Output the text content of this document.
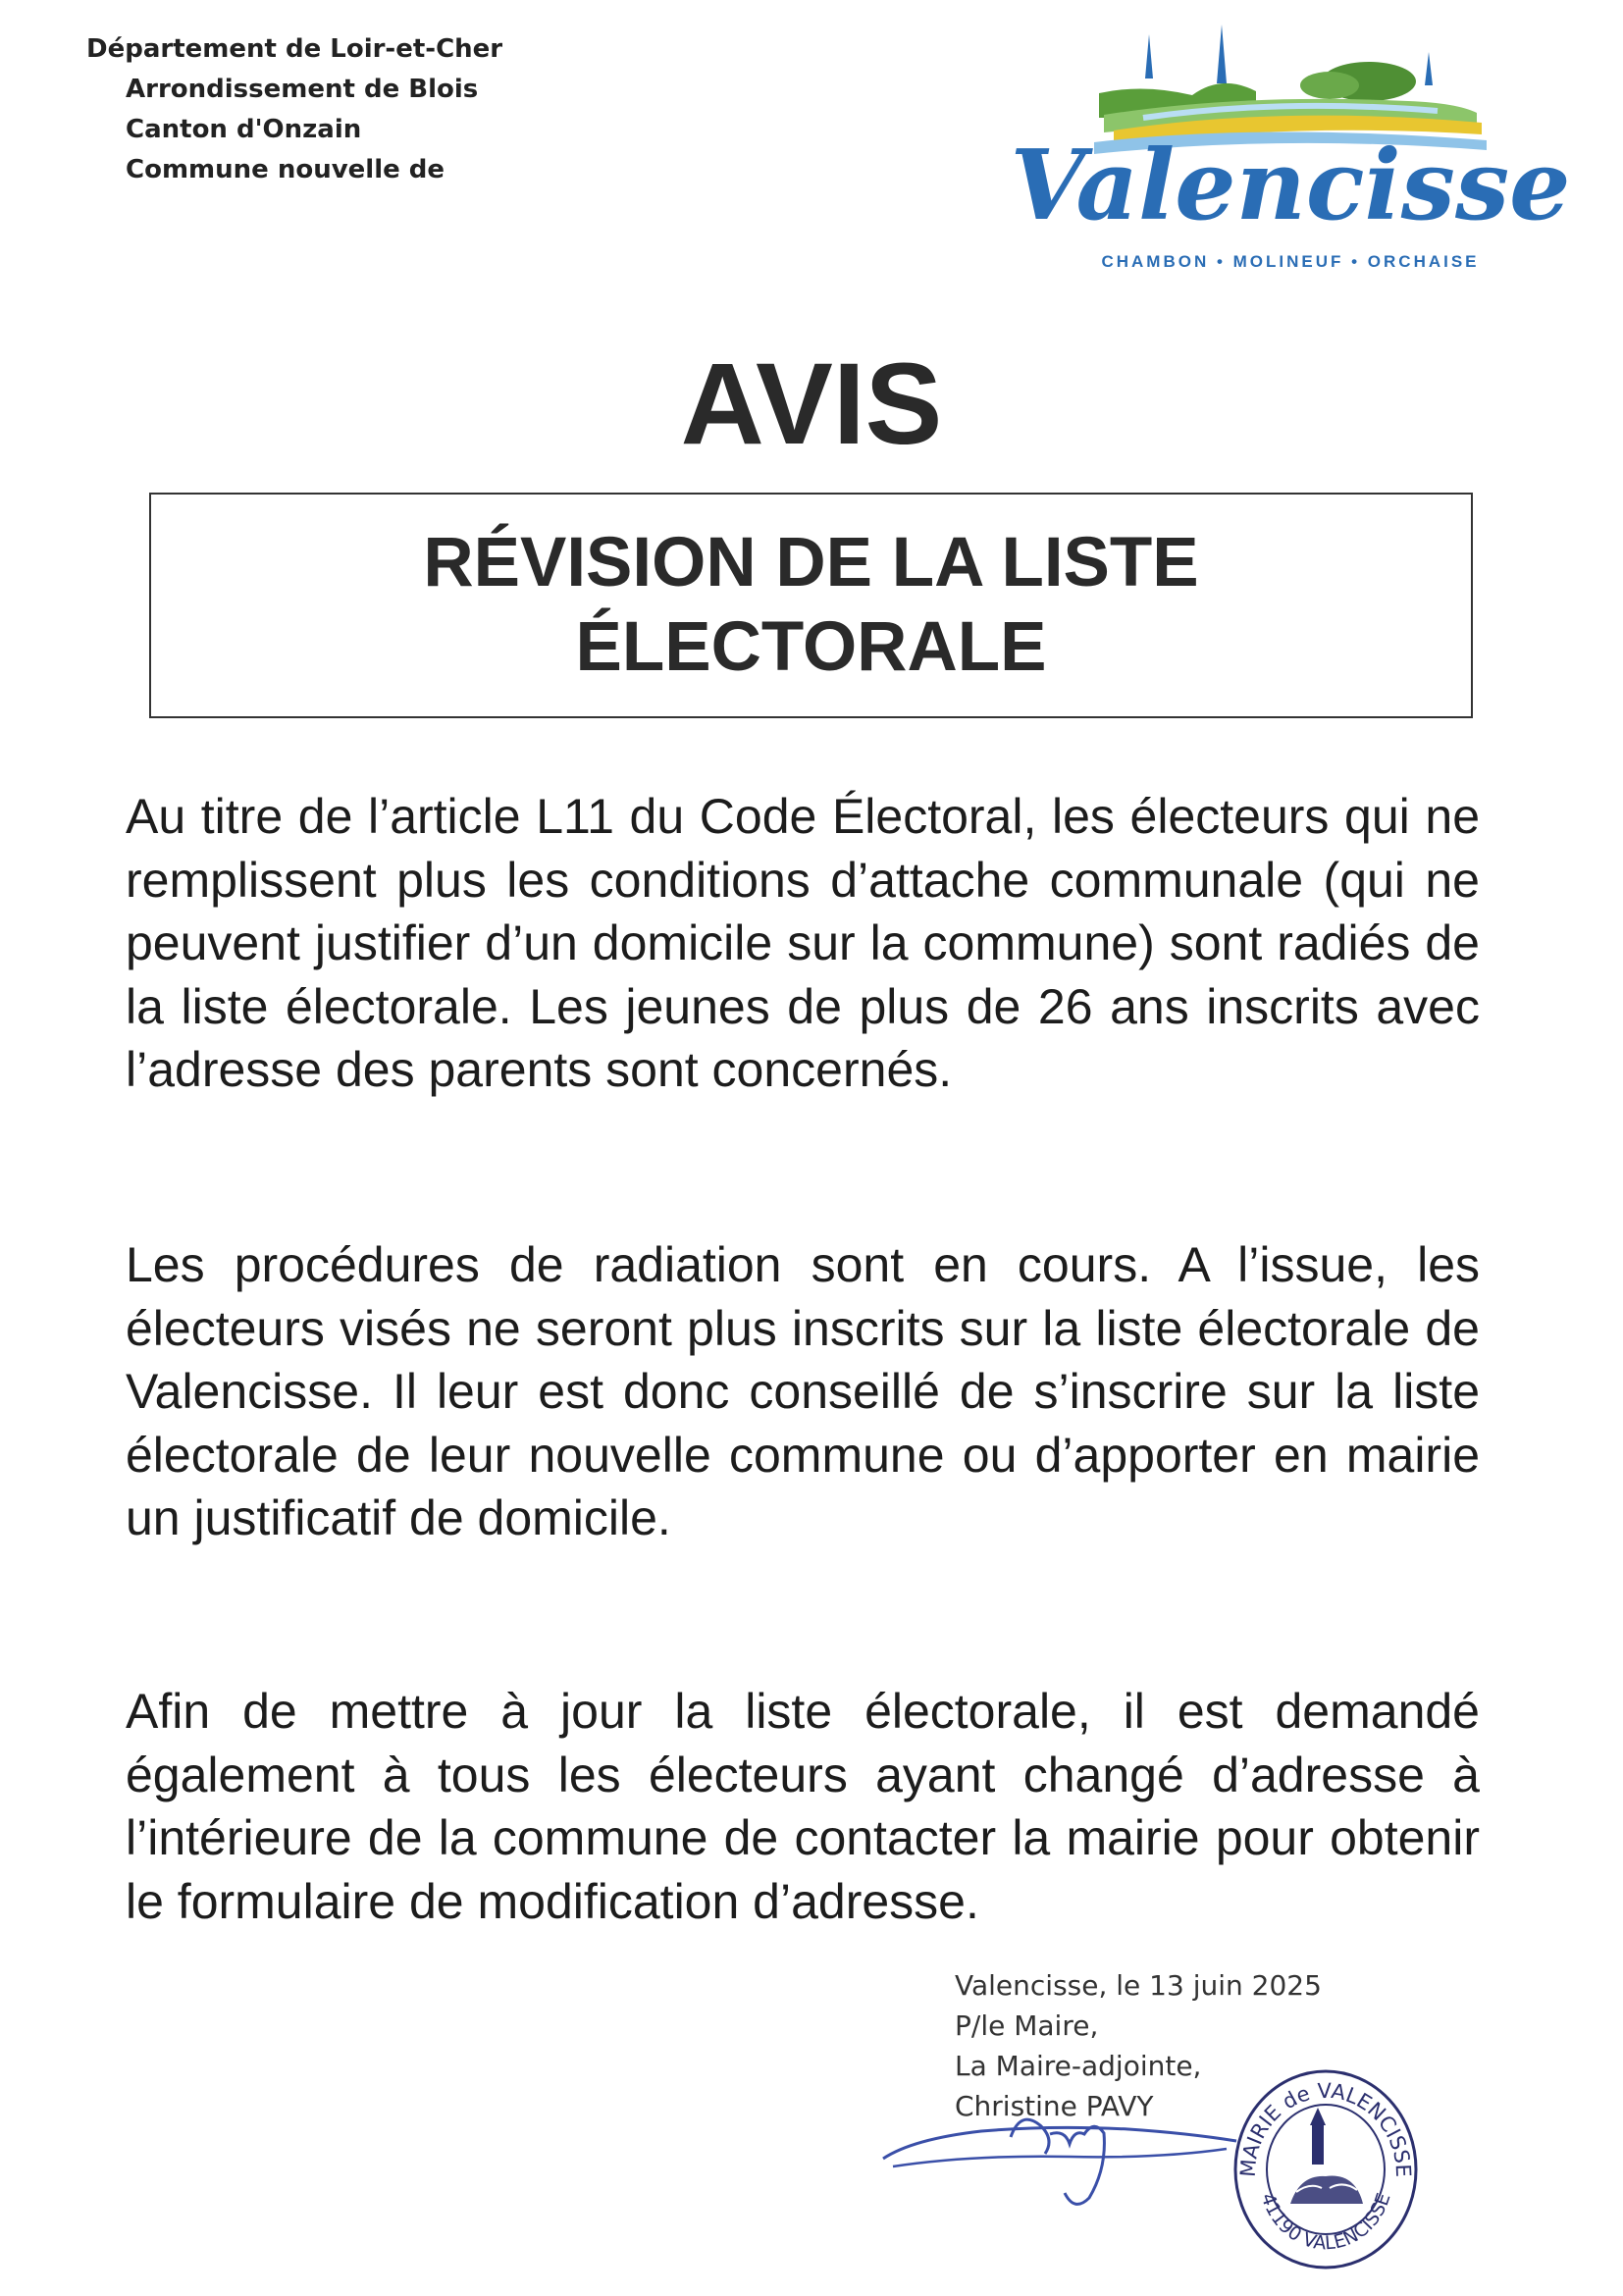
Département de Loir-et-Cher
Arrondissement de Blois
Canton d'Onzain
Commune nouvelle de	Valencisse
CHAMBON • MOLINEUF • ORCHAISE
AVIS
RÉVISION DE LA LISTE
ÉLECTORALE

Au titre de l’article L11 du Code Électoral, les électeurs qui ne remplissent plus les conditions d’attache communale (qui ne peuvent justifier d’un domicile sur la commune) sont radiés de la liste électorale. Les jeunes de plus de 26 ans inscrits avec l’adresse des parents sont concernés.

Les procédures de radiation sont en cours. A l’issue, les électeurs visés ne seront plus inscrits sur la liste électorale de Valencisse. Il leur est donc conseillé de s’inscrire sur la liste électorale de leur nouvelle commune ou d’apporter en mairie un justificatif de domicile.

Afin de mettre à jour la liste électorale, il est demandé également à tous les électeurs ayant changé d’adresse à l’intérieure de la commune de contacter la mairie pour obtenir le formulaire de modification d’adresse.

Valencisse, le 13 juin 2025
P/le Maire,
La Maire-adjointe,
Christine PAVY
MAIRIE de VALENCISSE
41190 VALENCISSE
